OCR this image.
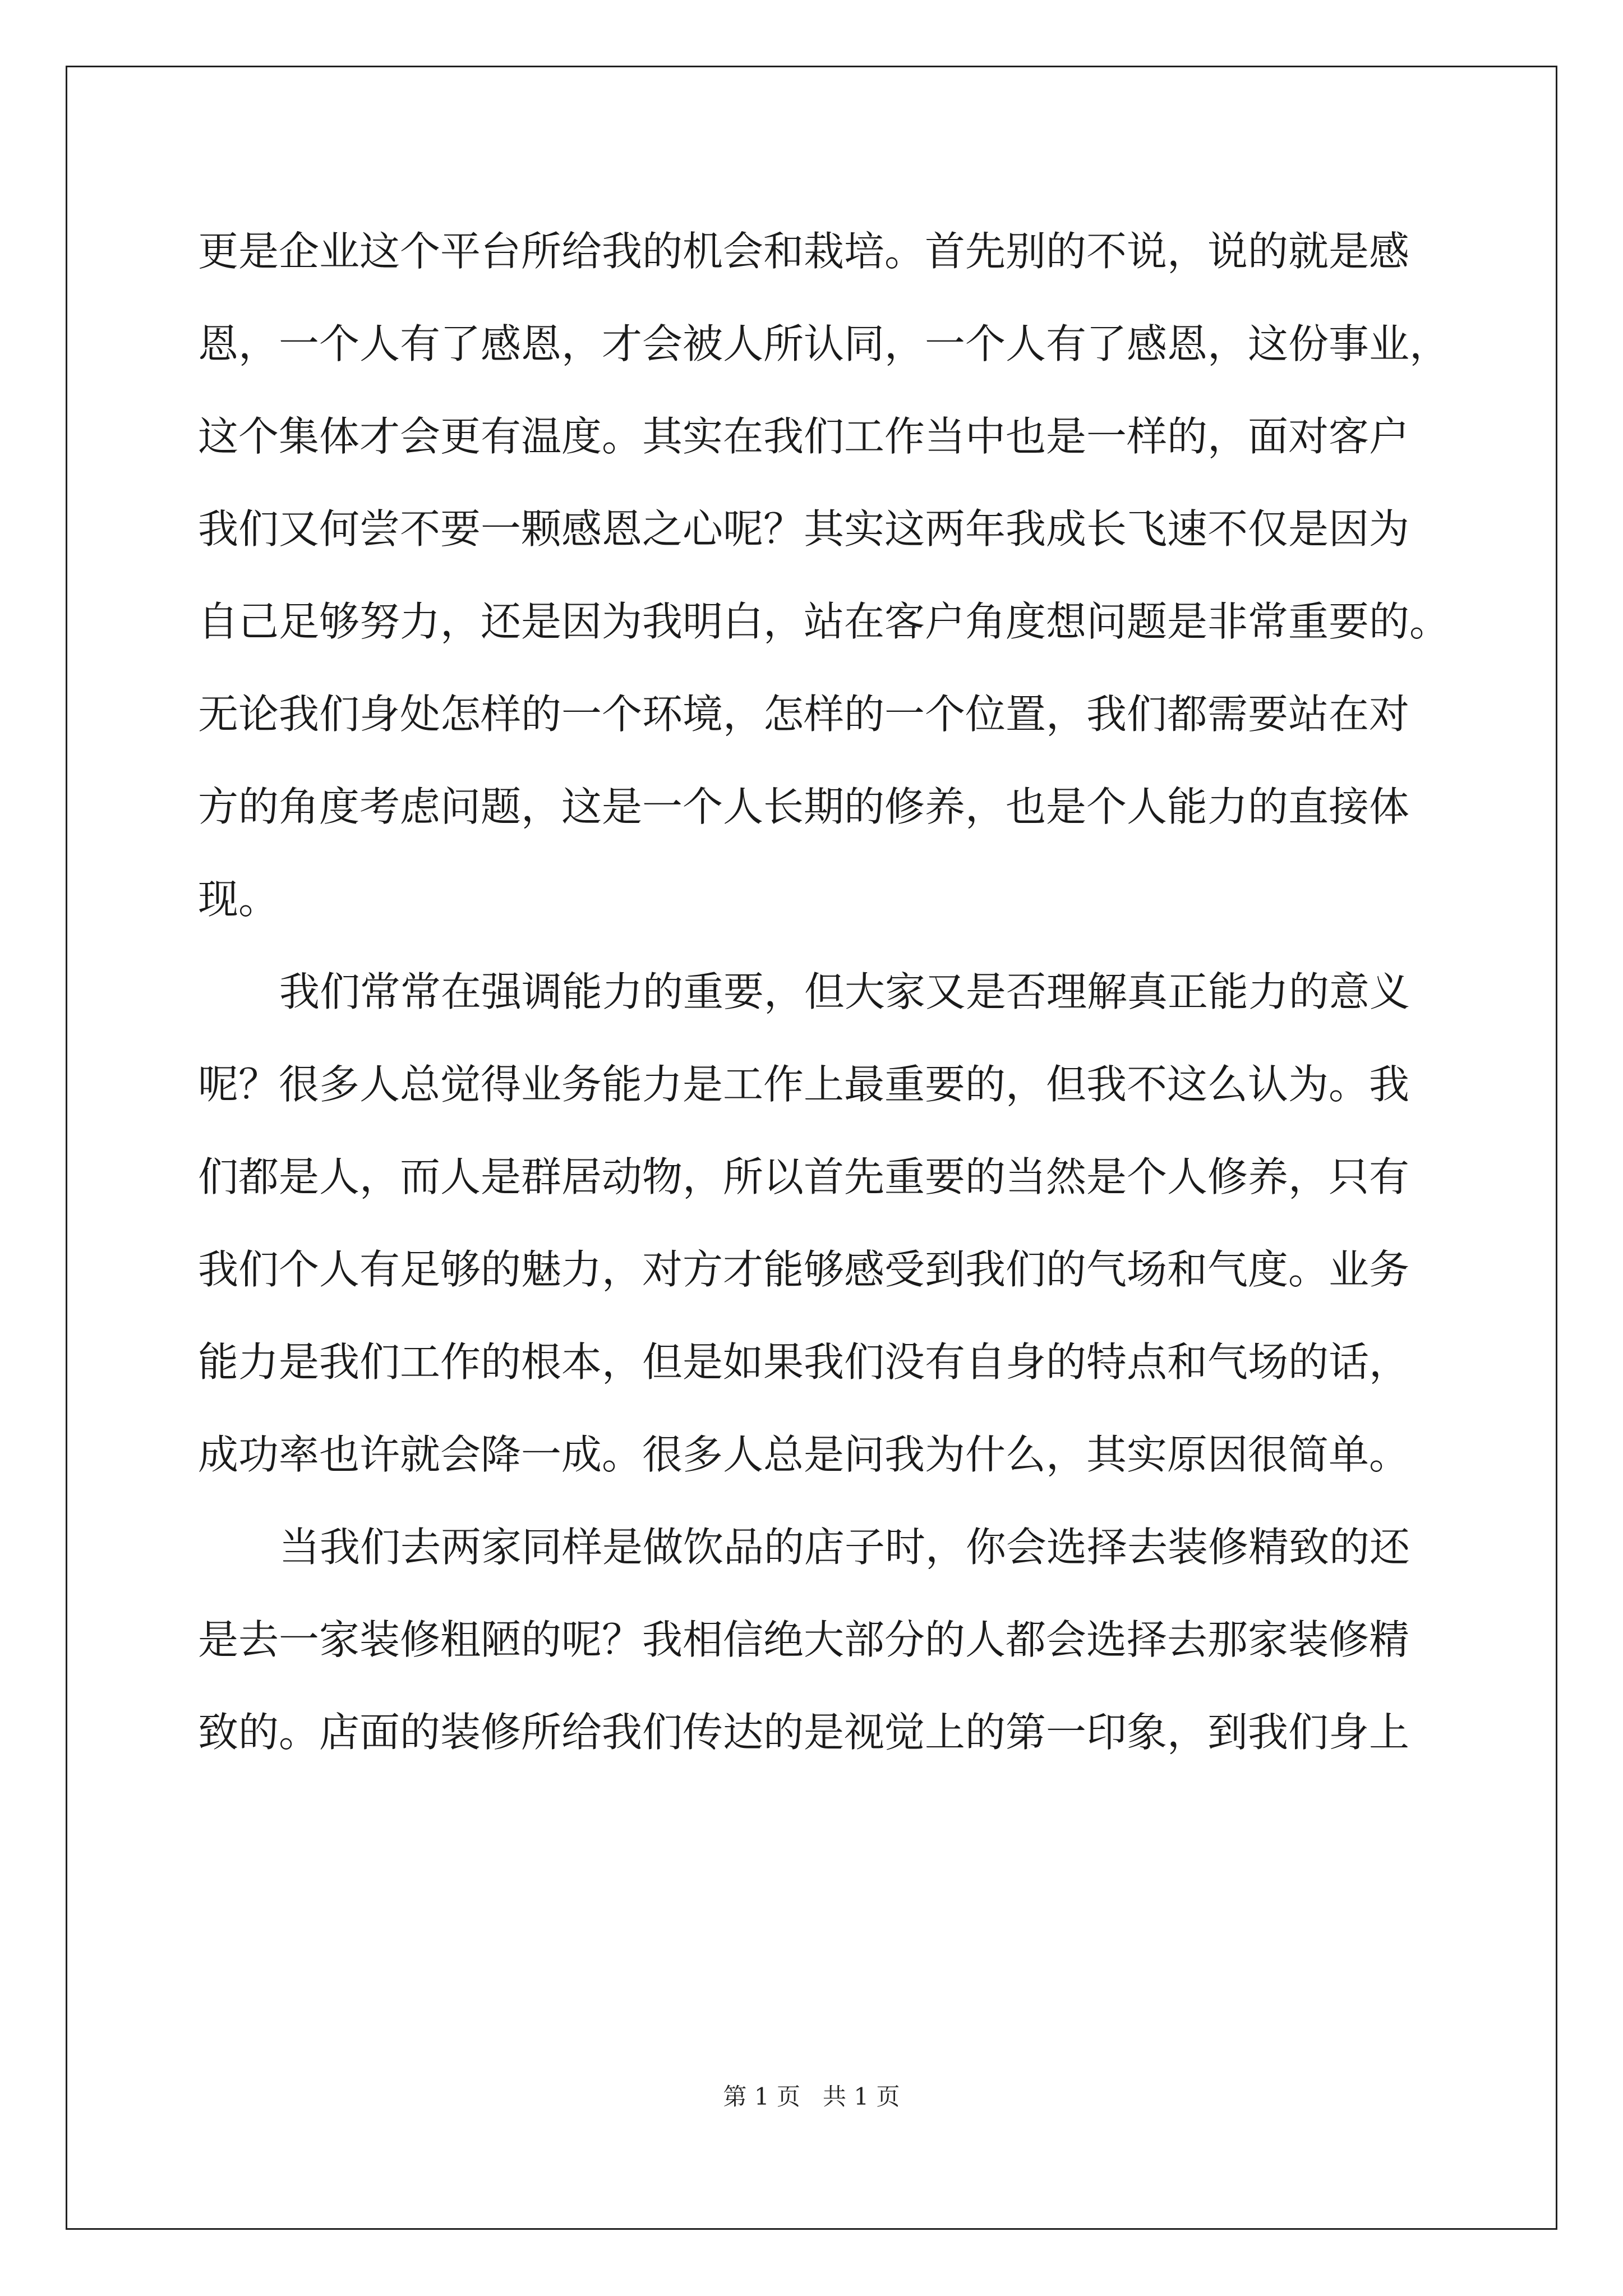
更是企业这个平台所给我的机会和栽培。首先别的不说，说的就是感
恩，一个人有了感恩，才会被人所认同，一个人有了感恩，这份事业，
这个集体才会更有温度。其实在我们工作当中也是一样的，面对客户
我们又何尝不要一颗感恩之心呢？其实这两年我成长飞速不仅是因为
自己足够努力，还是因为我明白，站在客户角度想问题是非常重要的。
无论我们身处怎样的一个环境，怎样的一个位置，我们都需要站在对
方的角度考虑问题，这是一个人长期的修养，也是个人能力的直接体
现。
我们常常在强调能力的重要，但大家又是否理解真正能力的意义
呢？很多人总觉得业务能力是工作上最重要的，但我不这么认为。我
们都是人，而人是群居动物，所以首先重要的当然是个人修养，只有
我们个人有足够的魅力，对方才能够感受到我们的气场和气度。业务
能力是我们工作的根本，但是如果我们没有自身的特点和气场的话，
成功率也许就会降一成。很多人总是问我为什么，其实原因很简单。
当我们去两家同样是做饮品的店子时，你会选择去装修精致的还
是去一家装修粗陋的呢？我相信绝大部分的人都会选择去那家装修精
致的。店面的装修所给我们传达的是视觉上的第一印象，到我们身上
第 1 页   共 1 页
